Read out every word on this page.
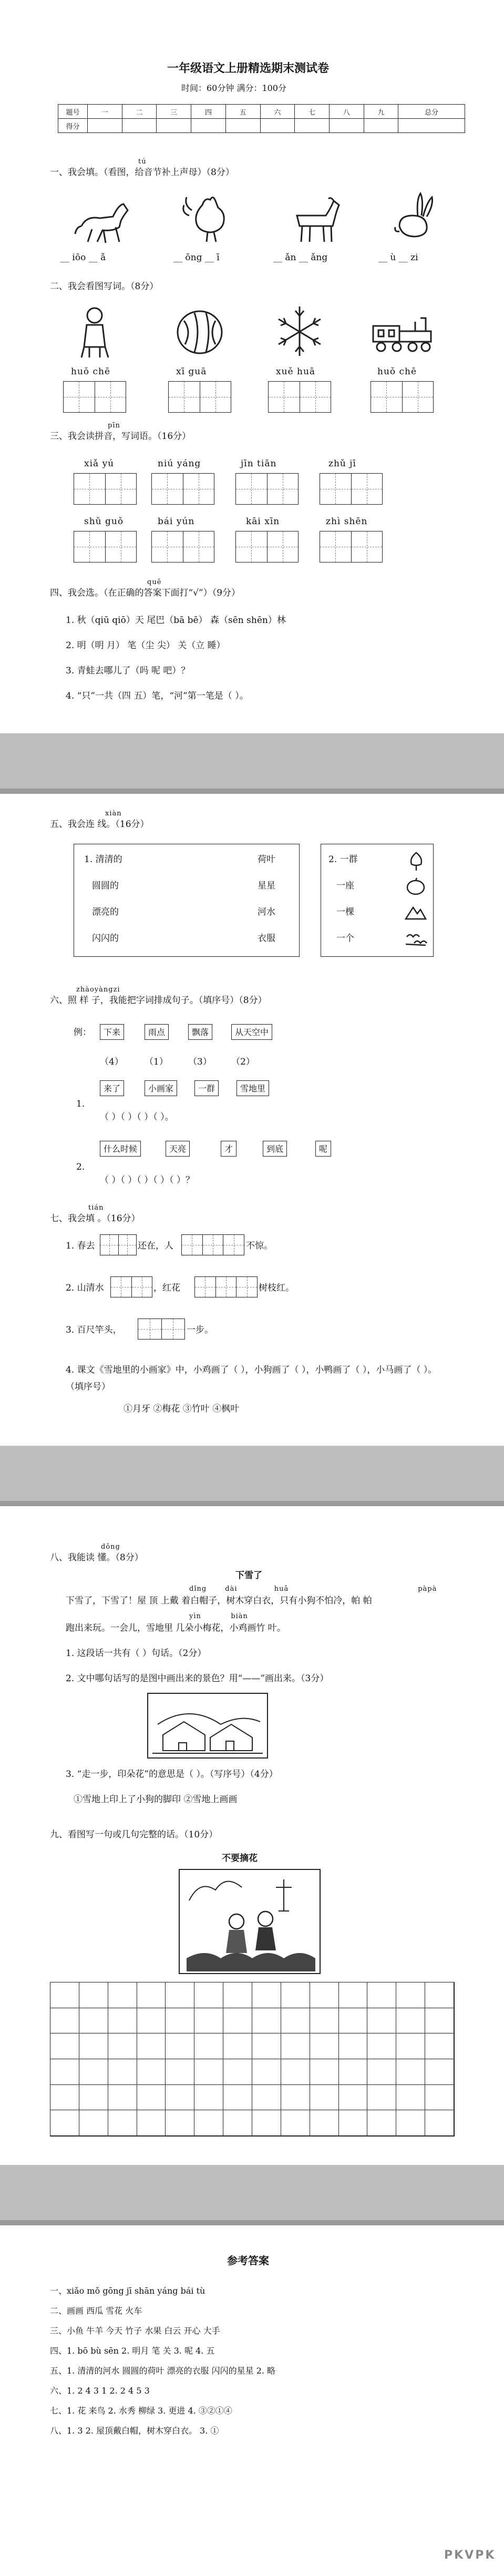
一年级语文上册精选期末测试卷
时间：60分钟 满分：100分
题号	一	二	三	四	五	六	七	八	九	总分
得分										
tú
一、我会填。（看图，给音节补上声母）（8分）
__ iōo __ ǎ	__ ōng __ ī	__ ǎn __ ǎng	__ ù __ zi
二、我会看图写词。（8分）
huǒ chē	xī guā	xuě huā	huǒ chē
pīn
三、我会读拼音，写词语。（16分）
xiǎ yú	niú yáng	jīn tiān	zhǔ jī
shǔ guǒ	bái yún	kāi xīn	zhì shēn
quē
四、我会选。（在正确的答案下面打“√”）（9分）
1. 秋（qiū qiō）天 尾巴（bā bē） 森（sēn shēn）林
2. 明（明 月） 笔（尘 尖） 关（立 睡）
3. 青蛙去哪儿了（吗 呢 吧）？
4. “只”一共（四 五）笔，“河”第一笔是（ ）。
xiàn
五、我会连 线。（16分）
1. 清清的
圆圆的
漂亮的
闪闪的
荷叶
星星
河水
衣服
2. 一群
一座
一棵
一个
zhàoyàngzi
六、照 样 子，我能把字词排成句子。（填序号）（8分）
例：	下来	雨点	飘落	从天空中
（4） （1） （3） （2）
1.
来了	小画家	一群	雪地里
（ ）（ ）（ ）（ ）。
2.
什么时候	天亮	才	到底	呢
（ ）（ ）（ ）（ ）（ ）？
tián
七、我会填 。（16分）
1. 春去	还在，人	不惊。
2. 山清水	，红花	树枝红。
3. 百尺竿头，	一步。
4. 课文《雪地里的小画家》中，小鸡画了（ ），小狗画了（ ），小鸭画了（ ），小马画了（ ）。（填序号）
①月牙 ②梅花 ③竹叶 ④枫叶
dǒng
八、我能读 懂。（8分）
下雪了
dǐng dài  huā       pàpà
下雪了，下雪了！屋 顶 上戴 着白帽子，树木穿白衣，只有小狗不怕冷，帕 帕
yìn           biàn
跑出来玩。一会儿，雪地里 几朵小梅花，小鸡画竹 叶。
1. 这段话一共有（ ）句话。（2分）
2. 文中哪句话写的是图中画出来的景色？用“——”画出来。（3分）
3. “走一步，印朵花”的意思是（ ）。（写序号）（4分）
①雪地上印上了小狗的脚印 ②雪地上画画
九、看图写一句或几句完整的话。（10分）
不要摘花
参考答案
一、xiǎo mǒ gōng jī shān yáng bái tù
二、画画 西瓜 雪花 火车
三、小鱼 牛羊 今天 竹子 水果 白云 开心 大手
四、1. bō bù sēn 2. 明月 笔 关 3. 呢 4. 五
五、1. 清清的河水 圆圆的荷叶 漂亮的衣服 闪闪的星星 2. 略
六、1. 2 4 3 1 2. 2 4 5 3
七、1. 花 来鸟 2. 水秀 柳绿 3. 更进 4. ③②①④
八、1. 3 2. 屋顶戴白帽，树木穿白衣。 3. ①
PKVPK
